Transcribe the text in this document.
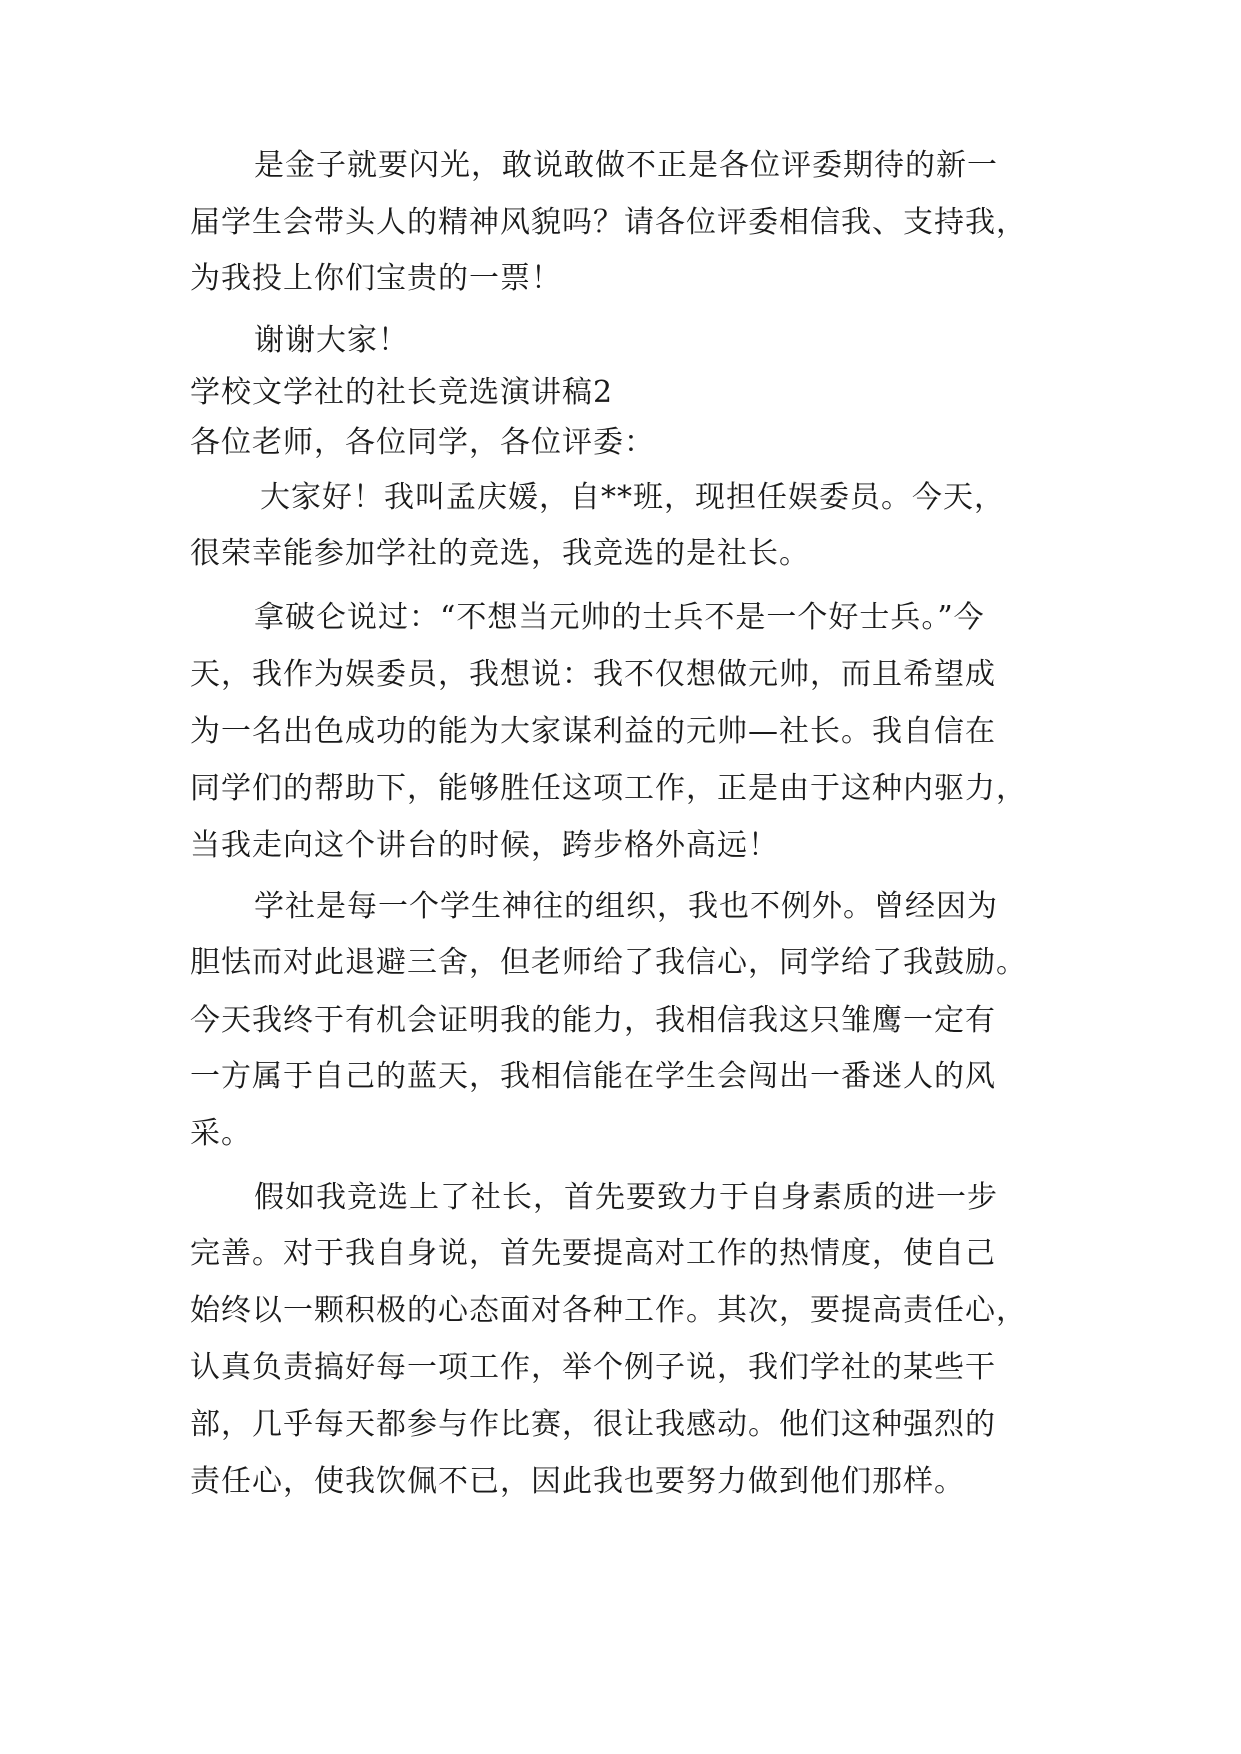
是金子就要闪光，敢说敢做不正是各位评委期待的新一
届学生会带头人的精神风貌吗？请各位评委相信我、支持我，
为我投上你们宝贵的一票！
谢谢大家！
学校文学社的社长竞选演讲稿2
各位老师，各位同学，各位评委：
大家好！我叫孟庆媛，自**班，现担任娱委员。今天，
很荣幸能参加学社的竞选，我竞选的是社长。
拿破仑说过：“不想当元帅的士兵不是一个好士兵。”今
天，我作为娱委员，我想说：我不仅想做元帅，而且希望成
为一名出色成功的能为大家谋利益的元帅—社长。我自信在
同学们的帮助下，能够胜任这项工作，正是由于这种内驱力，
当我走向这个讲台的时候，跨步格外高远！
学社是每一个学生神往的组织，我也不例外。曾经因为
胆怯而对此退避三舍，但老师给了我信心，同学给了我鼓励。
今天我终于有机会证明我的能力，我相信我这只雏鹰一定有
一方属于自己的蓝天，我相信能在学生会闯出一番迷人的风
采。
假如我竞选上了社长，首先要致力于自身素质的进一步
完善。对于我自身说，首先要提高对工作的热情度，使自己
始终以一颗积极的心态面对各种工作。其次，要提高责任心，
认真负责搞好每一项工作，举个例子说，我们学社的某些干
部，几乎每天都参与作比赛，很让我感动。他们这种强烈的
责任心，使我饮佩不已，因此我也要努力做到他们那样。
